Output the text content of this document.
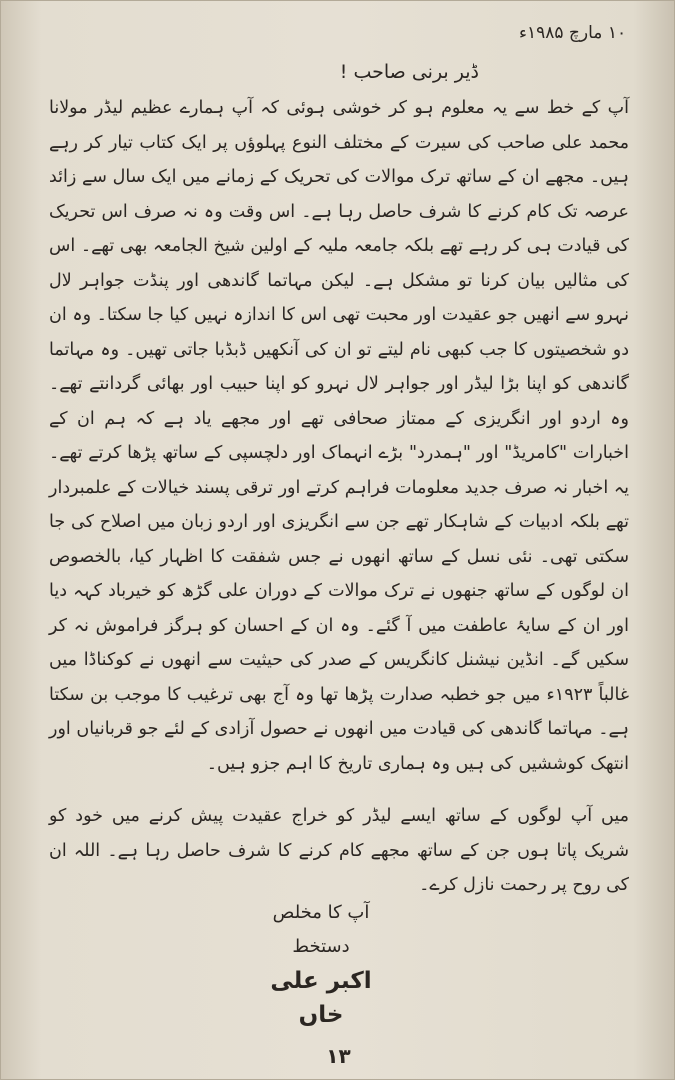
۱۰ مارچ ۱۹۸۵ء
ڈیر برنی صاحب !

آپ کے خط سے یہ معلوم ہو کر خوشی ہوئی کہ آپ ہمارے عظیم لیڈر مولانا محمد علی صاحب کی سیرت کے مختلف النوع پہلوؤں پر ایک کتاب تیار کر رہے ہیں۔ مجھے ان کے ساتھ ترک موالات کی تحریک کے زمانے میں ایک سال سے زائد عرصہ تک کام کرنے کا شرف حاصل رہا ہے۔ اس وقت وہ نہ صرف اس تحریک کی قیادت ہی کر رہے تھے بلکہ جامعہ ملیہ کے اولین شیخ الجامعہ بھی تھے۔ اس کی مثالیں بیان کرنا تو مشکل ہے۔ لیکن مہاتما گاندھی اور پنڈت جواہر لال نہرو سے انھیں جو عقیدت اور محبت تھی اس کا اندازہ نہیں کیا جا سکتا۔ وہ ان دو شخصیتوں کا جب کبھی نام لیتے تو ان کی آنکھیں ڈبڈبا جاتی تھیں۔ وہ مہاتما گاندھی کو اپنا بڑا لیڈر اور جواہر لال نہرو کو اپنا حبیب اور بھائی گردانتے تھے۔ وہ اردو اور انگریزی کے ممتاز صحافی تھے اور مجھے یاد ہے کہ ہم ان کے اخبارات "کامریڈ" اور "ہمدرد" بڑے انہماک اور دلچسپی کے ساتھ پڑھا کرتے تھے۔ یہ اخبار نہ صرف جدید معلومات فراہم کرتے اور ترقی پسند خیالات کے علمبردار تھے بلکہ ادبیات کے شاہکار تھے جن سے انگریزی اور اردو زبان میں اصلاح کی جا سکتی تھی۔ نئی نسل کے ساتھ انھوں نے جس شفقت کا اظہار کیا، بالخصوص ان لوگوں کے ساتھ جنھوں نے ترک موالات کے دوران علی گڑھ کو خیرباد کہہ دیا اور ان کے سایۂ عاطفت میں آ گئے۔ وہ ان کے احسان کو ہرگز فراموش نہ کر سکیں گے۔ انڈین نیشنل کانگریس کے صدر کی حیثیت سے انھوں نے کوکناڈا میں غالباً ۱۹۲۳ء میں جو خطبہ صدارت پڑھا تھا وہ آج بھی ترغیب کا موجب بن سکتا ہے۔ مہاتما گاندھی کی قیادت میں انھوں نے حصول آزادی کے لئے جو قربانیاں اور انتھک کوششیں کی ہیں وہ ہماری تاریخ کا اہم جزو ہیں۔

میں آپ لوگوں کے ساتھ ایسے لیڈر کو خراج عقیدت پیش کرنے میں خود کو شریک پاتا ہوں جن کے ساتھ مجھے کام کرنے کا شرف حاصل رہا ہے۔ اللہ ان کی روح پر رحمت نازل کرے۔

آپ کا مخلص
دستخط
اکبر علی خاں
۱۳
